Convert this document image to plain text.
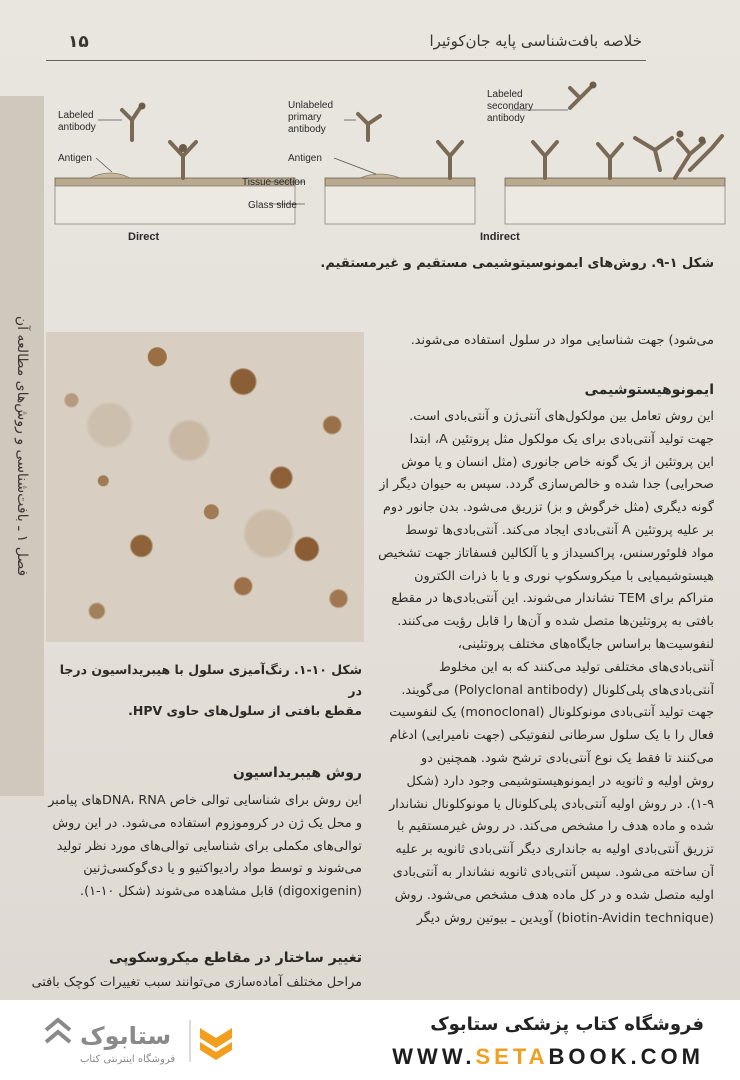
۱۵	خلاصه بافت‌شناسی پایه جان‌کوئیرا
فصل ۱ ـ بافت‌شناسی و روش‌های مطالعه آن
Labeled
antibody
Antigen
Unlabeled
primary
antibody
Antigen
Tissue section
Glass slide
Labeled
secondary
antibody
Direct	Indirect
شکل ۱-۹. روش‌های ایمونوسیتوشیمی مستقیم و غیرمستقیم.
می‌شود) جهت شناسایی مواد در سلول استفاده می‌شوند.
ایمونوهیستوشیمی
این روش تعامل بین مولکول‌های آنتی‌ژن و آنتی‌بادی است.
جهت تولید آنتی‌بادی برای یک مولکول مثل پروتئین A، ابتدا
این پروتئین از یک گونه خاص جانوری (مثل انسان و یا موش
صحرایی) جدا شده و خالص‌سازی گردد. سپس به حیوان دیگر از
گونه دیگری (مثل خرگوش و بز) تزریق می‌شود. بدن جانور دوم
بر علیه پروتئین A آنتی‌بادی ایجاد می‌کند. آنتی‌بادی‌ها توسط
مواد فلوئورسنس، پراکسیداز و یا آلکالین فسفاتاز جهت تشخیص
هیستوشیمیایی با میکروسکوپ نوری و یا با ذرات الکترون
متراکم برای TEM نشاندار می‌شوند. این آنتی‌بادی‌ها در مقطع
بافتی به پروتئین‌ها متصل شده و آن‌ها را قابل رؤیت می‌کنند.
لنفوسیت‌ها براساس جایگاه‌های مختلف پروتئینی،
آنتی‌بادی‌های مختلفی تولید می‌کنند که به این مخلوط
آنتی‌بادی‌های پلی‌کلونال (Polyclonal antibody) می‌گویند.
جهت تولید آنتی‌بادی مونوکلونال (monoclonal) یک لنفوسیت
فعال را با یک سلول سرطانی لنفوتیکی (جهت نامیرایی) ادغام
می‌کنند تا فقط یک نوع آنتی‌بادی ترشح شود. همچنین دو
روش اولیه و ثانویه در ایمونوهیستوشیمی وجود دارد (شکل
۱-۹). در روش اولیه آنتی‌بادی پلی‌کلونال یا مونوکلونال نشاندار
شده و ماده هدف را مشخص می‌کند. در روش غیرمستقیم با
تزریق آنتی‌بادی اولیه به جانداری دیگر آنتی‌بادی ثانویه بر علیه
آن ساخته می‌شود. سپس آنتی‌بادی ثانویه نشاندار به آنتی‌بادی
اولیه متصل شده و در کل ماده هدف مشخص می‌شود. روش
(biotin-Avidin technique) آویدین ـ بیوتین روش دیگر
شکل ۱۰-۱. رنگ‌آمیزی سلول با هیبریداسیون درجا در
مقطع بافتی از سلول‌های حاوی HPV.
روش هیبریداسیون
این روش برای شناسایی توالی خاص DNA، RNAهای پیامبر
و محل یک ژن در کروموزوم استفاده می‌شود. در این روش
توالی‌های مکملی برای شناسایی توالی‌های مورد نظر تولید
می‌شوند و توسط مواد رادیواکتیو و یا دی‌گوکسی‌ژنین
(digoxigenin) قابل مشاهده می‌شوند (شکل ۱۰-۱).
تغییر ساختار در مقاطع میکروسکوپی
مراحل مختلف آماده‌سازی می‌توانند سبب تغییرات کوچک بافتی
ستابوک
فروشگاه اینترنتی کتاب
فروشگاه کتاب پزشکی ستابوک
WWW.SETABOOK.COM
